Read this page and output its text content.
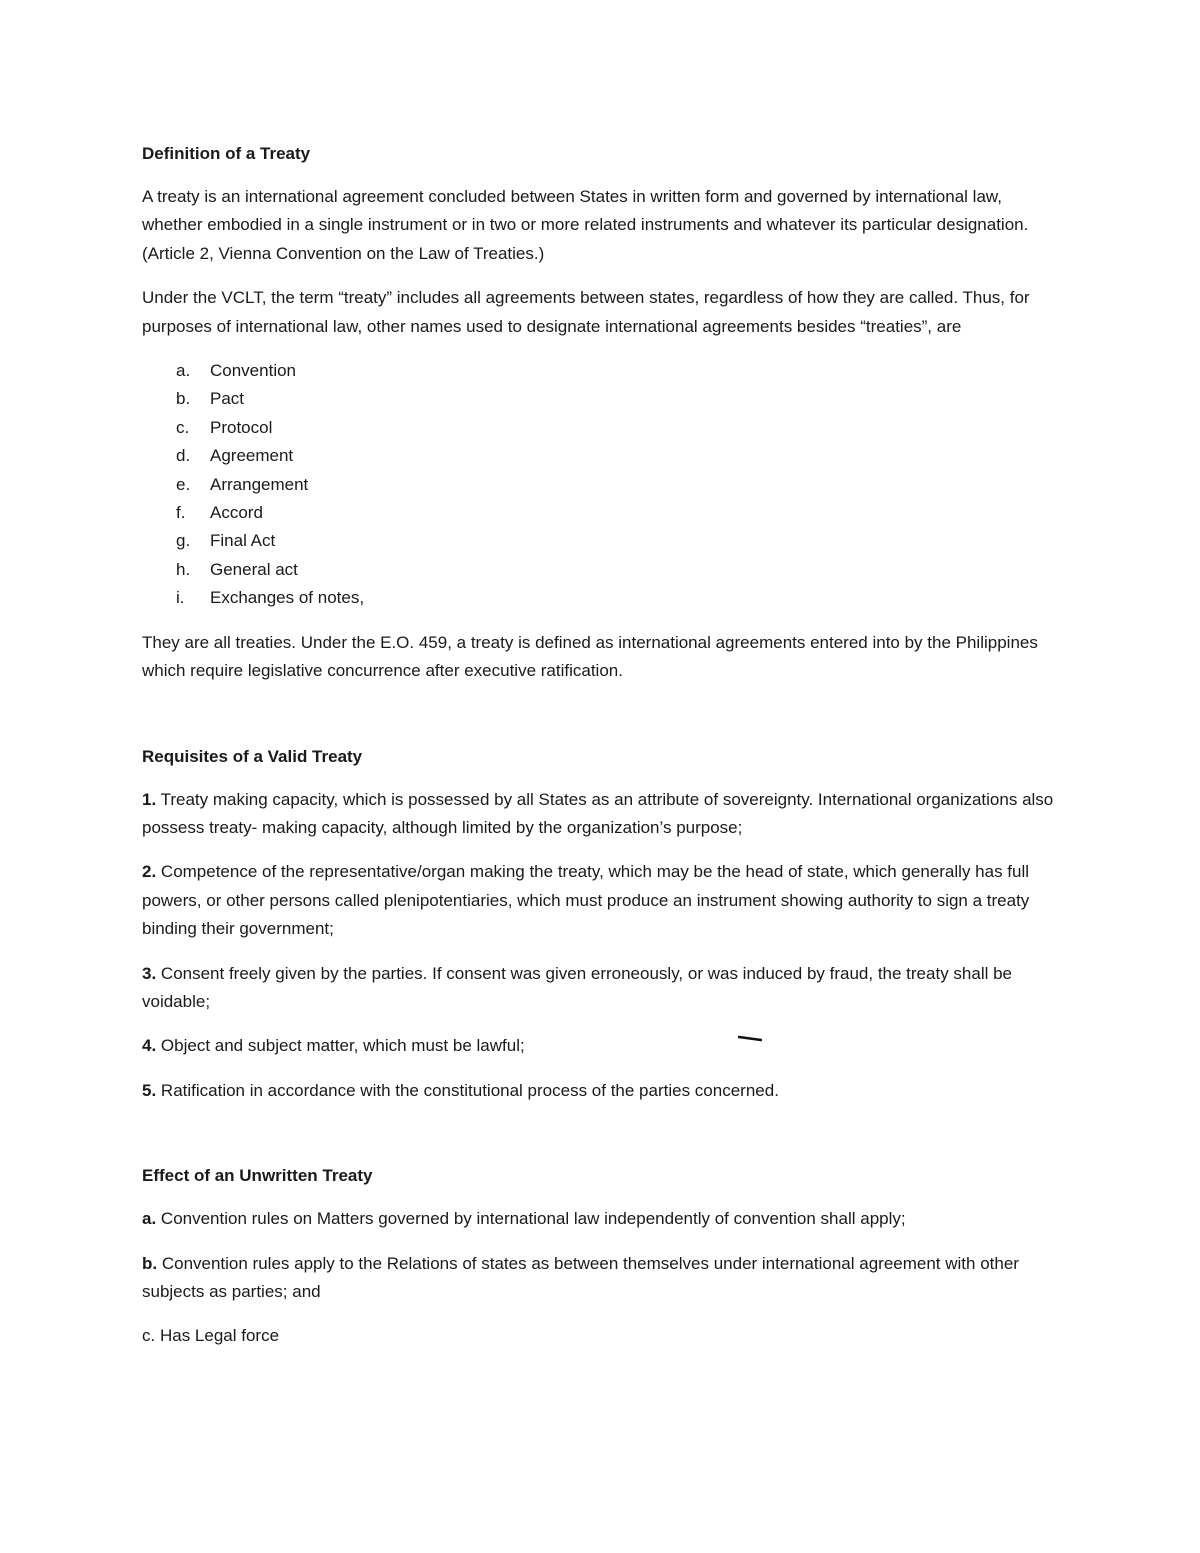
Definition of a Treaty

A treaty is an international agreement concluded between States in written form and governed by international law, whether embodied in a single instrument or in two or more related instruments and whatever its particular designation. (Article 2, Vienna Convention on the Law of Treaties.)

Under the VCLT, the term “treaty” includes all agreements between states, regardless of how they are called. Thus, for purposes of international law, other names used to designate international agreements besides “treaties”, are

a.	Convention
b.	Pact
c.	Protocol
d.	Agreement
e.	Arrangement
f.	Accord
g.	Final Act
h.	General act
i.	Exchanges of notes,

They are all treaties. Under the E.O. 459, a treaty is defined as international agreements entered into by the Philippines which require legislative concurrence after executive ratification.

Requisites of a Valid Treaty

1. Treaty making capacity, which is possessed by all States as an attribute of sovereignty. International organizations also possess treaty- making capacity, although limited by the organization’s purpose;

2. Competence of the representative/organ making the treaty, which may be the head of state, which generally has full powers, or other persons called plenipotentiaries, which must produce an instrument showing authority to sign a treaty binding their government;

3. Consent freely given by the parties. If consent was given erroneously, or was induced by fraud, the treaty shall be voidable;

4. Object and subject matter, which must be lawful;

5. Ratification in accordance with the constitutional process of the parties concerned.

Effect of an Unwritten Treaty

a. Convention rules on Matters governed by international law independently of convention shall apply;

b. Convention rules apply to the Relations of states as between themselves under international agreement with other subjects as parties; and

c. Has Legal force
